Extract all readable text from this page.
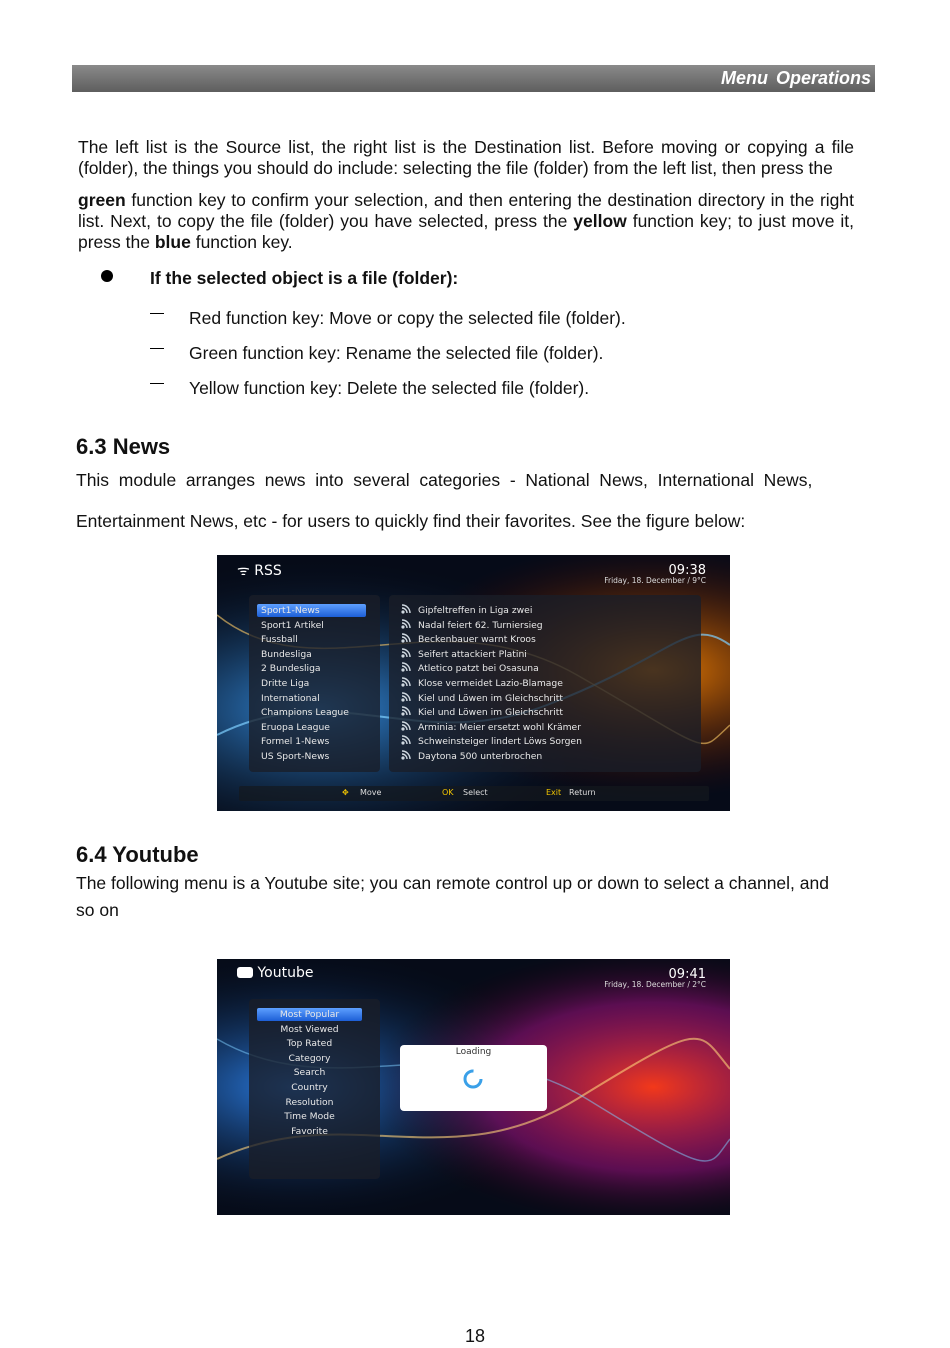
Menu Operations

The left list is the Source list, the right list is the Destination list. Before moving or copying a file (folder), the things you should do include: selecting the file (folder) from the left list, then press the

green function key to confirm your selection, and then entering the destination directory in the right list. Next, to copy the file (folder) you have selected, press the yellow function key; to just move it, press the blue function key.

If the selected object is a file (folder):
Red function key: Move or copy the selected file (folder).
Green function key: Rename the selected file (folder).
Yellow function key: Delete the selected file (folder).
6.3 News
This  module  arranges  news  into  several  categories  -  National  News,  International  News,
Entertainment News, etc - for users to quickly find their favorites. See the figure below:
ᯤ RSS	09:38
Friday, 18. December / 9°C
Sport1-News
Sport1 Artikel
Fussball
Bundesliga
2 Bundesliga
Dritte Liga
International
Champions League
Eruopa League
Formel 1-News
US Sport-News
Gipfeltreffen in Liga zwei
Nadal feiert 62. Turniersieg
Beckenbauer warnt Kroos
Seifert attackiert Platini
Atletico patzt bei Osasuna
Klose vermeidet Lazio-Blamage
Kiel und Löwen im Gleichschritt
Kiel und Löwen im Gleichschritt
Arminia: Meier ersetzt wohl Krämer
Schweinsteiger lindert Löws Sorgen
Daytona 500 unterbrochen
✥ Move	OK Select	Exit Return
6.4 Youtube
The following menu is a Youtube site; you can remote control up or down to select a channel, and
so on
Youtube	09:41
Friday, 18. December / 2°C
Most Popular
Most Viewed
Top Rated
Category
Search
Country
Resolution
Time Mode
Favorite
Loading
18
